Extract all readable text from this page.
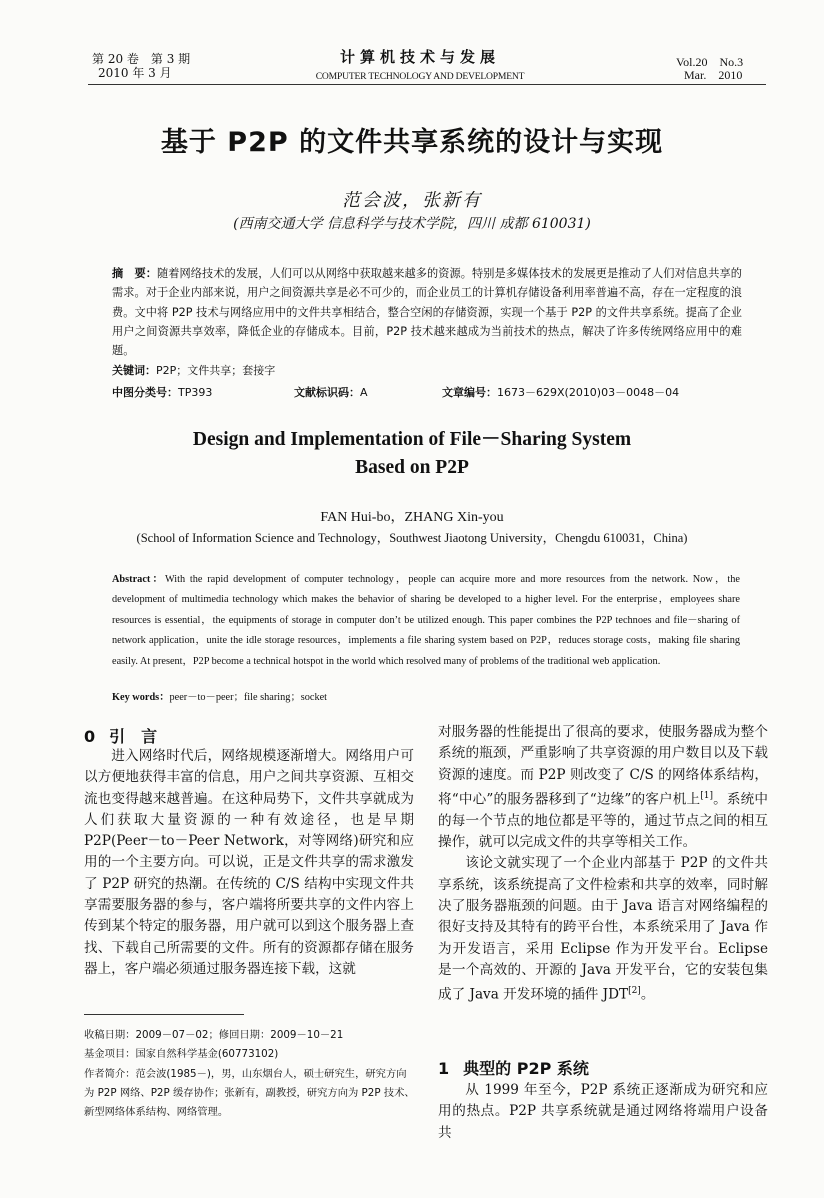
第 20 卷　第 3 期
2010 年 3 月
计算机技术与发展
COMPUTER TECHNOLOGY AND DEVELOPMENT
Vol.20　No.3
Mar.　2010
基于 P2P 的文件共享系统的设计与实现
范会波，张新有
(西南交通大学 信息科学与技术学院，四川 成都 610031)
摘　要：随着网络技术的发展，人们可以从网络中获取越来越多的资源。特别是多媒体技术的发展更是推动了人们对信息共享的需求。对于企业内部来说，用户之间资源共享是必不可少的，而企业员工的计算机存储设备利用率普遍不高，存在一定程度的浪费。文中将 P2P 技术与网络应用中的文件共享相结合，整合空闲的存储资源，实现一个基于 P2P 的文件共享系统。提高了企业用户之间资源共享效率，降低企业的存储成本。目前，P2P 技术越来越成为当前技术的热点，解决了许多传统网络应用中的难题。
关键词：P2P；文件共享；套接字
中图分类号：TP393	文献标识码：A	文章编号：1673－629X(2010)03－0048－04
Design and Implementation of File－Sharing System
Based on P2P
FAN Hui-bo，ZHANG Xin-you
(School of Information Science and Technology，Southwest Jiaotong University，Chengdu 610031，China)
Abstract：With the rapid development of computer technology，people can acquire more and more resources from the network. Now，the development of multimedia technology which makes the behavior of sharing be developed to a higher level. For the enterprise，employees share resources is essential，the equipments of storage in computer don’t be utilized enough. This paper combines the P2P technoes and file－sharing of network application，unite the idle storage resources，implements a file sharing system based on P2P，reduces storage costs，making file sharing easily. At present，P2P become a technical hotspot in the world which resolved many of problems of the traditional web application.
Key words：peer－to－peer；file sharing；socket
0 引　言

进入网络时代后，网络规模逐渐增大。网络用户可以方便地获得丰富的信息，用户之间共享资源、互相交流也变得越来越普遍。在这种局势下，文件共享就成为人们获取大量资源的一种有效途径，也是早期 P2P(Peer－to－Peer Network，对等网络)研究和应用的一个主要方向。可以说，正是文件共享的需求激发了 P2P 研究的热潮。在传统的 C/S 结构中实现文件共享需要服务器的参与，客户端将所要共享的文件内容上传到某个特定的服务器，用户就可以到这个服务器上查找、下载自己所需要的文件。所有的资源都存储在服务器上，客户端必须通过服务器连接下载，这就

对服务器的性能提出了很高的要求，使服务器成为整个系统的瓶颈，严重影响了共享资源的用户数目以及下载资源的速度。而 P2P 则改变了 C/S 的网络体系结构，将“中心”的服务器移到了“边缘”的客户机上[1]。系统中的每一个节点的地位都是平等的，通过节点之间的相互操作，就可以完成文件的共享等相关工作。

该论文就实现了一个企业内部基于 P2P 的文件共享系统，该系统提高了文件检索和共享的效率，同时解决了服务器瓶颈的问题。由于 Java 语言对网络编程的很好支持及其特有的跨平台性，本系统采用了 Java 作为开发语言，采用 Eclipse 作为开发平台。Eclipse 是一个高效的、开源的 Java 开发平台，它的安装包集成了 Java 开发环境的插件 JDT[2]。

1 典型的 P2P 系统

从 1999 年至今，P2P 系统正逐渐成为研究和应用的热点。P2P 共享系统就是通过网络将端用户设备共

收稿日期：2009－07－02；修回日期：2009－10－21
基金项目：国家自然科学基金(60773102)
作者简介：范会波(1985－)，男，山东烟台人，硕士研究生，研究方向
为 P2P 网络、P2P 缓存协作；张新有，副教授，研究方向为 P2P 技术、
新型网络体系结构、网络管理。
